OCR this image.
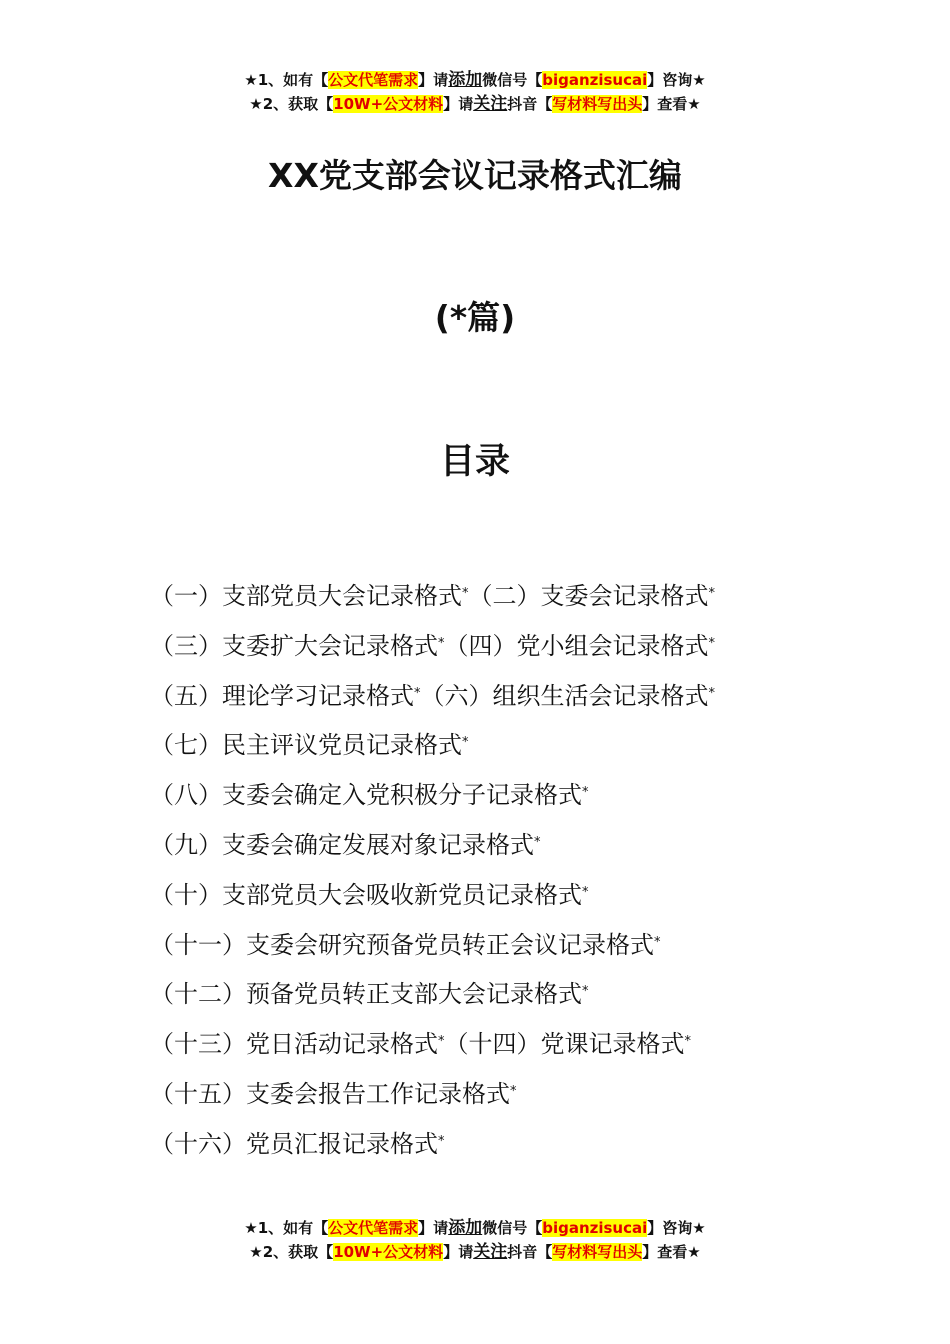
★1、如有【公文代笔需求】请添加微信号【biganzisucai】咨询★
★2、获取【10W+公文材料】请关注抖音【写材料写出头】查看★
XX党支部会议记录格式汇编
(*篇)
目录
（一）支部党员大会记录格式*（二）支委会记录格式*
（三）支委扩大会记录格式*（四）党小组会记录格式*
（五）理论学习记录格式*（六）组织生活会记录格式*
（七）民主评议党员记录格式*
（八）支委会确定入党积极分子记录格式*
（九）支委会确定发展对象记录格式*
（十）支部党员大会吸收新党员记录格式*
（十一）支委会研究预备党员转正会议记录格式*
（十二）预备党员转正支部大会记录格式*
（十三）党日活动记录格式*（十四）党课记录格式*
（十五）支委会报告工作记录格式*
（十六）党员汇报记录格式*
★1、如有【公文代笔需求】请添加微信号【biganzisucai】咨询★
★2、获取【10W+公文材料】请关注抖音【写材料写出头】查看★
